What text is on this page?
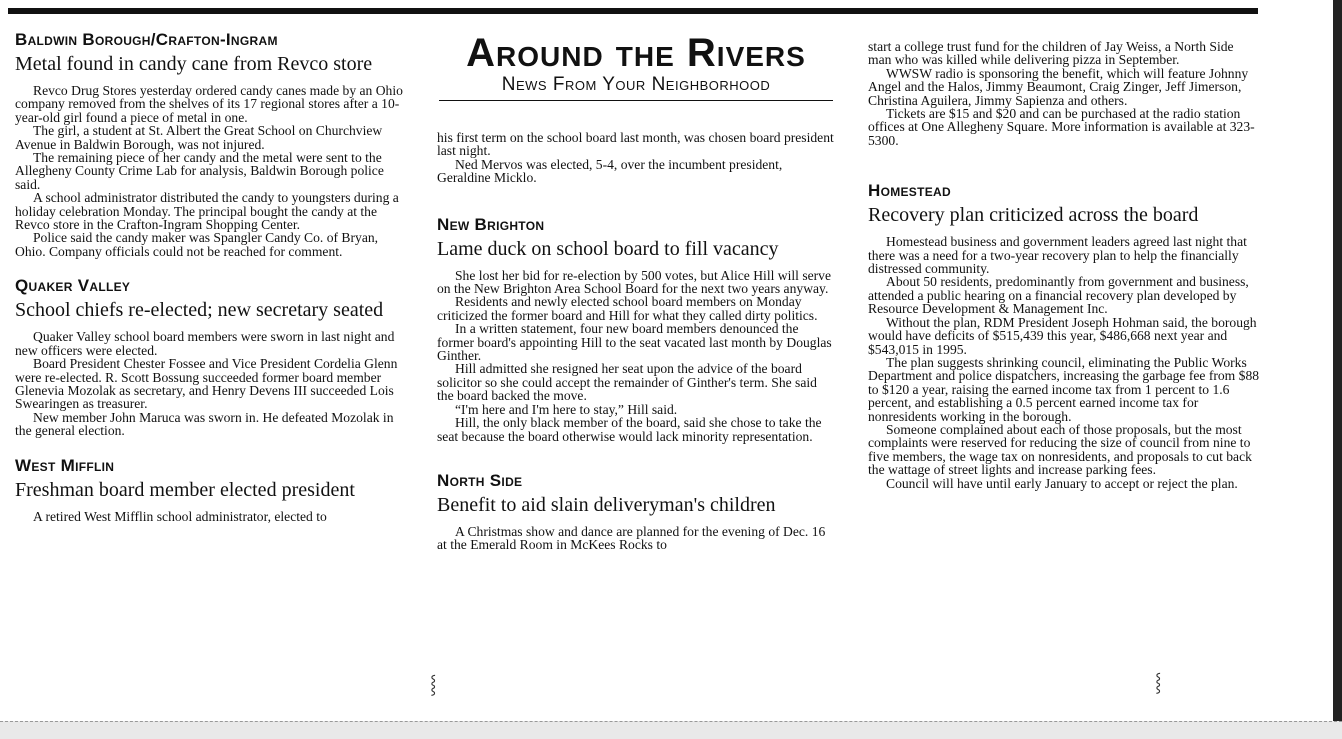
Baldwin Borough/Crafton-Ingram
Metal found in candy cane from Revco store

Revco Drug Stores yesterday ordered candy canes made by an Ohio company removed from the shelves of its 17 regional stores after a 10-year-old girl found a piece of metal in one.

The girl, a student at St. Albert the Great School on Churchview Avenue in Baldwin Borough, was not injured.

The remaining piece of her candy and the metal were sent to the Allegheny County Crime Lab for analysis, Baldwin Borough police said.

A school administrator distributed the candy to youngsters during a holiday celebration Monday. The principal bought the candy at the Revco store in the Crafton-Ingram Shopping Center.

Police said the candy maker was Spangler Candy Co. of Bryan, Ohio. Company officials could not be reached for comment.

Quaker Valley
School chiefs re-elected; new secretary seated

Quaker Valley school board members were sworn in last night and new officers were elected.

Board President Chester Fossee and Vice President Cordelia Glenn were re-elected. R. Scott Bossung succeeded former board member Glenevia Mozolak as secretary, and Henry Devens III succeeded Lois Swearingen as treasurer.

New member John Maruca was sworn in. He defeated Mozolak in the general election.

West Mifflin
Freshman board member elected president

A retired West Mifflin school administrator, elected to

Around the Rivers
News From Your Neighborhood

his first term on the school board last month, was chosen board president last night.

Ned Mervos was elected, 5-4, over the incumbent president, Geraldine Micklo.

New Brighton
Lame duck on school board to fill vacancy

She lost her bid for re-election by 500 votes, but Alice Hill will serve on the New Brighton Area School Board for the next two years anyway.

Residents and newly elected school board members on Monday criticized the former board and Hill for what they called dirty politics.

In a written statement, four new board members denounced the former board's appointing Hill to the seat vacated last month by Douglas Ginther.

Hill admitted she resigned her seat upon the advice of the board solicitor so she could accept the remainder of Ginther's term. She said the board backed the move.

“I'm here and I'm here to stay,” Hill said.

Hill, the only black member of the board, said she chose to take the seat because the board otherwise would lack minority representation.

North Side
Benefit to aid slain deliveryman's children

A Christmas show and dance are planned for the evening of Dec. 16 at the Emerald Room in McKees Rocks to

start a college trust fund for the children of Jay Weiss, a North Side man who was killed while delivering pizza in September.

WWSW radio is sponsoring the benefit, which will feature Johnny Angel and the Halos, Jimmy Beaumont, Craig Zinger, Jeff Jimerson, Christina Aguilera, Jimmy Sapienza and others.

Tickets are $15 and $20 and can be purchased at the radio station offices at One Allegheny Square. More information is available at 323-5300.

Homestead
Recovery plan criticized across the board

Homestead business and government leaders agreed last night that there was a need for a two-year recovery plan to help the financially distressed community.

About 50 residents, predominantly from government and business, attended a public hearing on a financial recovery plan developed by Resource Development & Management Inc.

Without the plan, RDM President Joseph Hohman said, the borough would have deficits of $515,439 this year, $486,668 next year and $543,015 in 1995.

The plan suggests shrinking council, eliminating the Public Works Department and police dispatchers, increasing the garbage fee from $88 to $120 a year, raising the earned income tax from 1 percent to 1.6 percent, and establishing a 0.5 percent earned income tax for nonresidents working in the borough.

Someone complained about each of those proposals, but the most complaints were reserved for reducing the size of council from nine to five members, the wage tax on nonresidents, and proposals to cut back the wattage of street lights and increase parking fees.

Council will have until early January to accept or reject the plan.

⸾	⸾
